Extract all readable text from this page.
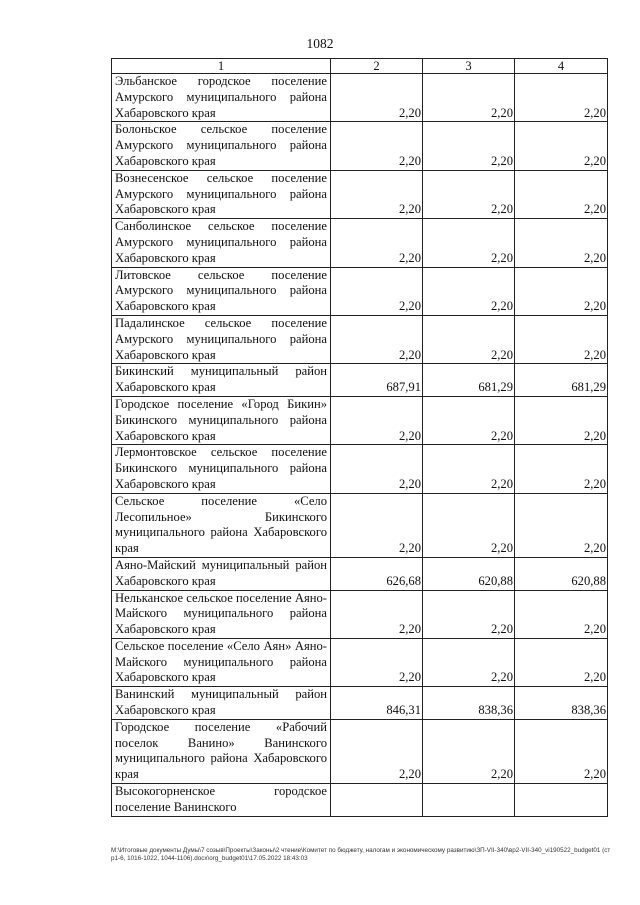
1082
1	2	3	4
Эльбанское городское поселение Амурского муниципального района Хабаровского края	2,20	2,20	2,20

Болоньское сельское поселение Амурского муниципального района Хабаровского края	2,20	2,20	2,20

Вознесенское сельское поселение Амурского муниципального района Хабаровского края	2,20	2,20	2,20

Санболинское сельское поселение Амурского муниципального района Хабаровского края	2,20	2,20	2,20

Литовское сельское поселение Амурского муниципального района Хабаровского края	2,20	2,20	2,20

Падалинское сельское поселение Амурского муниципального района Хабаровского края	2,20	2,20	2,20

Бикинский муниципальный район Хабаровского края	687,91	681,29	681,29

Городское поселение «Город Бикин» Бикинского муниципального района Хабаровского края	2,20	2,20	2,20

Лермонтовское сельское поселение Бикинского муниципального района Хабаровского края	2,20	2,20	2,20

Сельское поселение «Село Лесопильное» Бикинского муниципального района Хабаровского края	2,20	2,20	2,20

Аяно-Майский муниципальный район Хабаровского края	626,68	620,88	620,88

Нельканское сельское поселение Аяно-Майского муниципального района Хабаровского края	2,20	2,20	2,20

Сельское поселение «Село Аян» Аяно-Майского муниципального района Хабаровского края	2,20	2,20	2,20

Ванинский муниципальный район Хабаровского края	846,31	838,36	838,36

Городское поселение «Рабочий поселок Ванино» Ванинского муниципального района Хабаровского края	2,20	2,20	2,20

Высокогорненское городское поселение Ванинского	

M:\Итоговые документы Думы\7 созыв\Проекты\Законы\2 чтение\Комитет по бюджету, налогам и экономическому развитию\ЗП-VII-340\вр2-VII-340_vi190522_budget01 (стр1-6, 1016-1022, 1044-1106).docx\org_budget01\17.05.2022 18:43:03
